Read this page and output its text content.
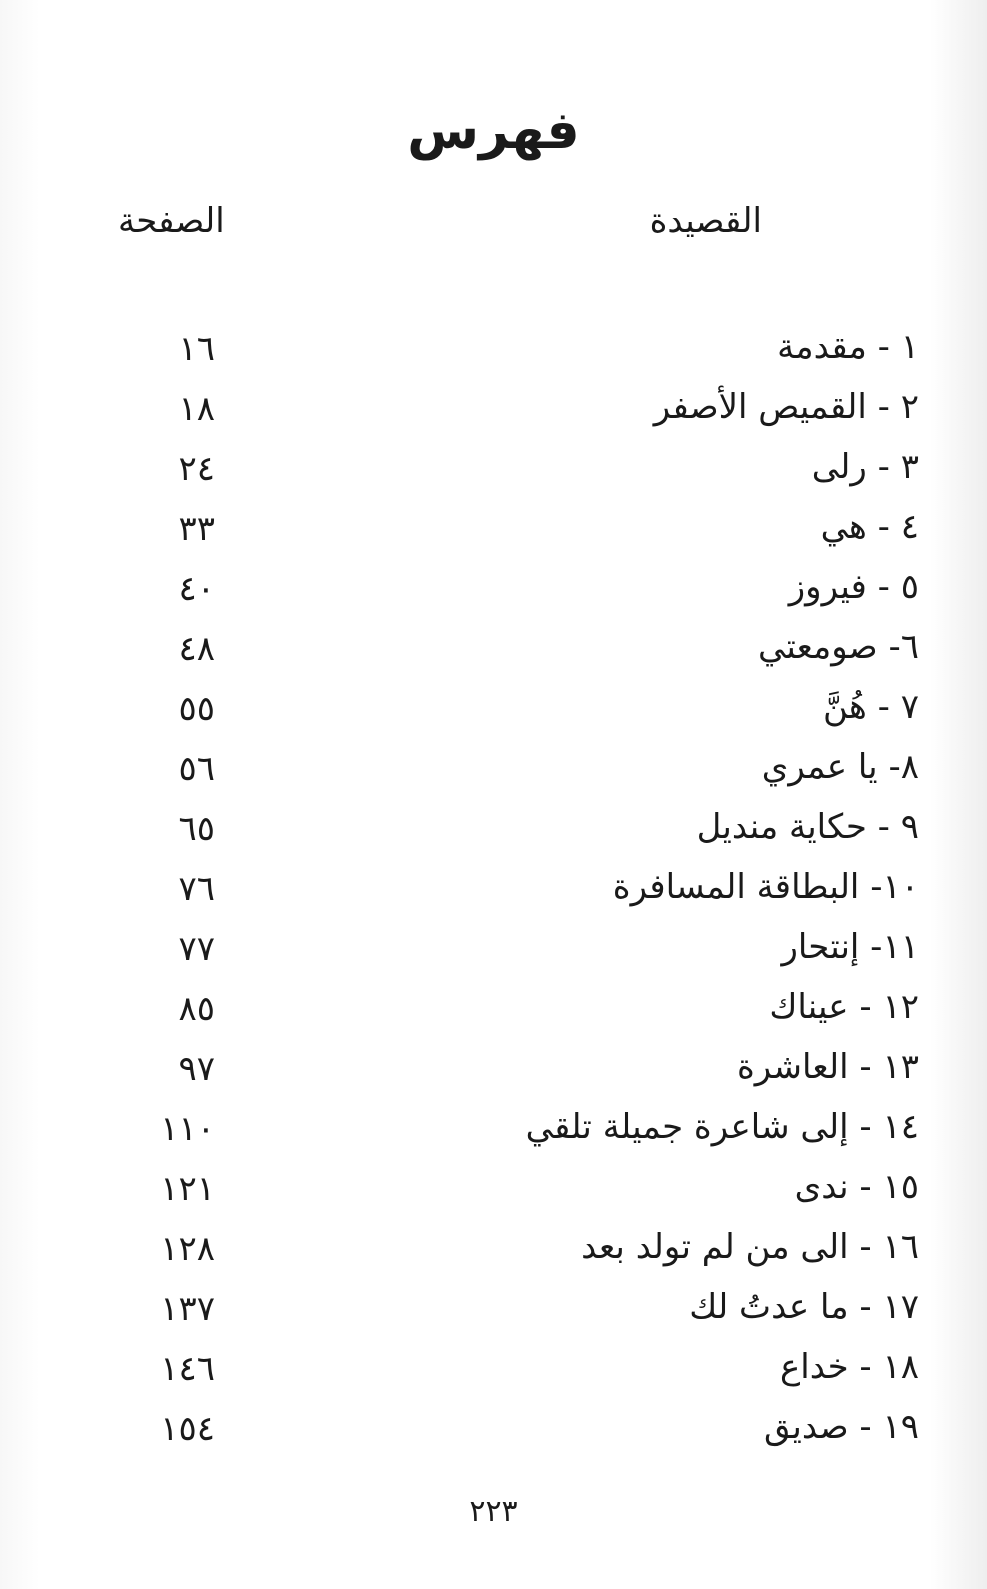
فهرس
القصيدة
الصفحة
١ - مقدمة
١٦
٢ - القميص الأصفر
١٨
٣ - رلى
٢٤
٤ - هي
٣٣
٥ - فيروز
٤٠
٦- صومعتي
٤٨
٧ - هُنَّ
٥٥
٨- يا عمري
٥٦
٩ - حكاية منديل
٦٥
١٠- البطاقة المسافرة
٧٦
١١- إنتحار
٧٧
١٢ - عيناك
٨٥
١٣ - العاشرة
٩٧
١٤ - إلى شاعرة جميلة تلقي
١١٠
١٥ - ندى
١٢١
١٦ - الى من لم تولد بعد
١٢٨
١٧ - ما عدتُ لك
١٣٧
١٨ - خداع
١٤٦
١٩ - صديق
١٥٤
٢٢٣
